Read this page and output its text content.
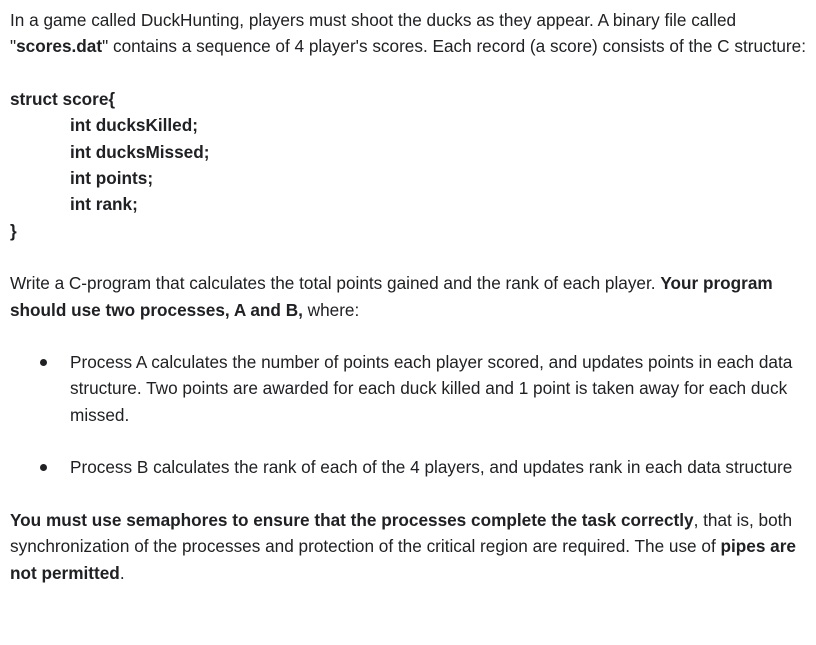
In a game called DuckHunting, players must shoot the ducks as they appear. A binary file called "scores.dat" contains a sequence of 4 player's scores. Each record (a score) consists of the C structure:

struct score{
int ducksKilled;
int ducksMissed;
int points;
int rank;
}

Write a C-program that calculates the total points gained and the rank of each player. Your program should use two processes, A and B, where:

Process A calculates the number of points each player scored, and updates points in each data structure. Two points are awarded for each duck killed and 1 point is taken away for each duck missed.
Process B calculates the rank of each of the 4 players, and updates rank in each data structure

You must use semaphores to ensure that the processes complete the task correctly, that is, both synchronization of the processes and protection of the critical region are required. The use of pipes are not permitted.
